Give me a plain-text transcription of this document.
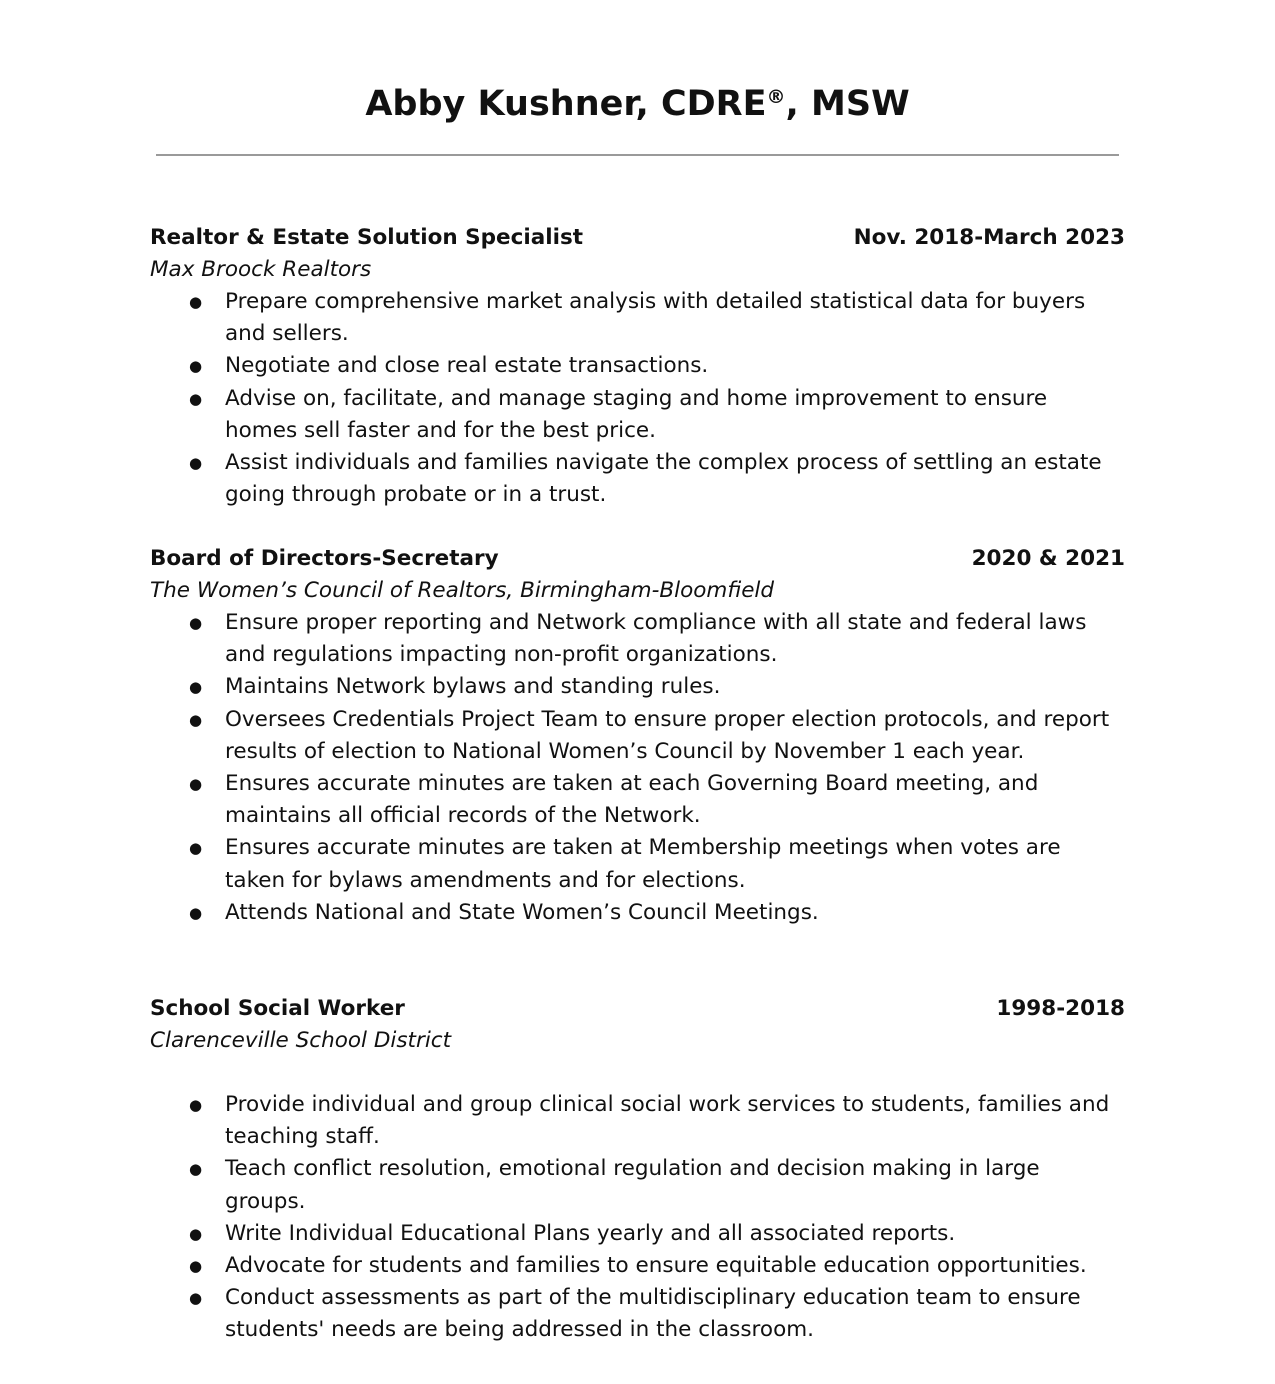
Abby Kushner, CDRE®, MSW
Realtor & Estate Solution Specialist	Nov. 2018-March 2023
Max Broock Realtors
● Prepare comprehensive market analysis with detailed statistical data for buyers and sellers.
● Negotiate and close real estate transactions.
● Advise on, facilitate, and manage staging and home improvement to ensure homes sell faster and for the best price.
● Assist individuals and families navigate the complex process of settling an estate going through probate or in a trust.
Board of Directors-Secretary	2020 & 2021
The Women’s Council of Realtors, Birmingham-Bloomfield
● Ensure proper reporting and Network compliance with all state and federal laws and regulations impacting non-profit organizations.
● Maintains Network bylaws and standing rules.
● Oversees Credentials Project Team to ensure proper election protocols, and report results of election to National Women’s Council by November 1 each year.
● Ensures accurate minutes are taken at each Governing Board meeting, and maintains all official records of the Network.
● Ensures accurate minutes are taken at Membership meetings when votes are taken for bylaws amendments and for elections.
● Attends National and State Women’s Council Meetings.
School Social Worker	1998-2018
Clarenceville School District
● Provide individual and group clinical social work services to students, families and teaching staff.
● Teach conflict resolution, emotional regulation and decision making in large groups.
● Write Individual Educational Plans yearly and all associated reports.
● Advocate for students and families to ensure equitable education opportunities.
● Conduct assessments as part of the multidisciplinary education team to ensure students' needs are being addressed in the classroom.
